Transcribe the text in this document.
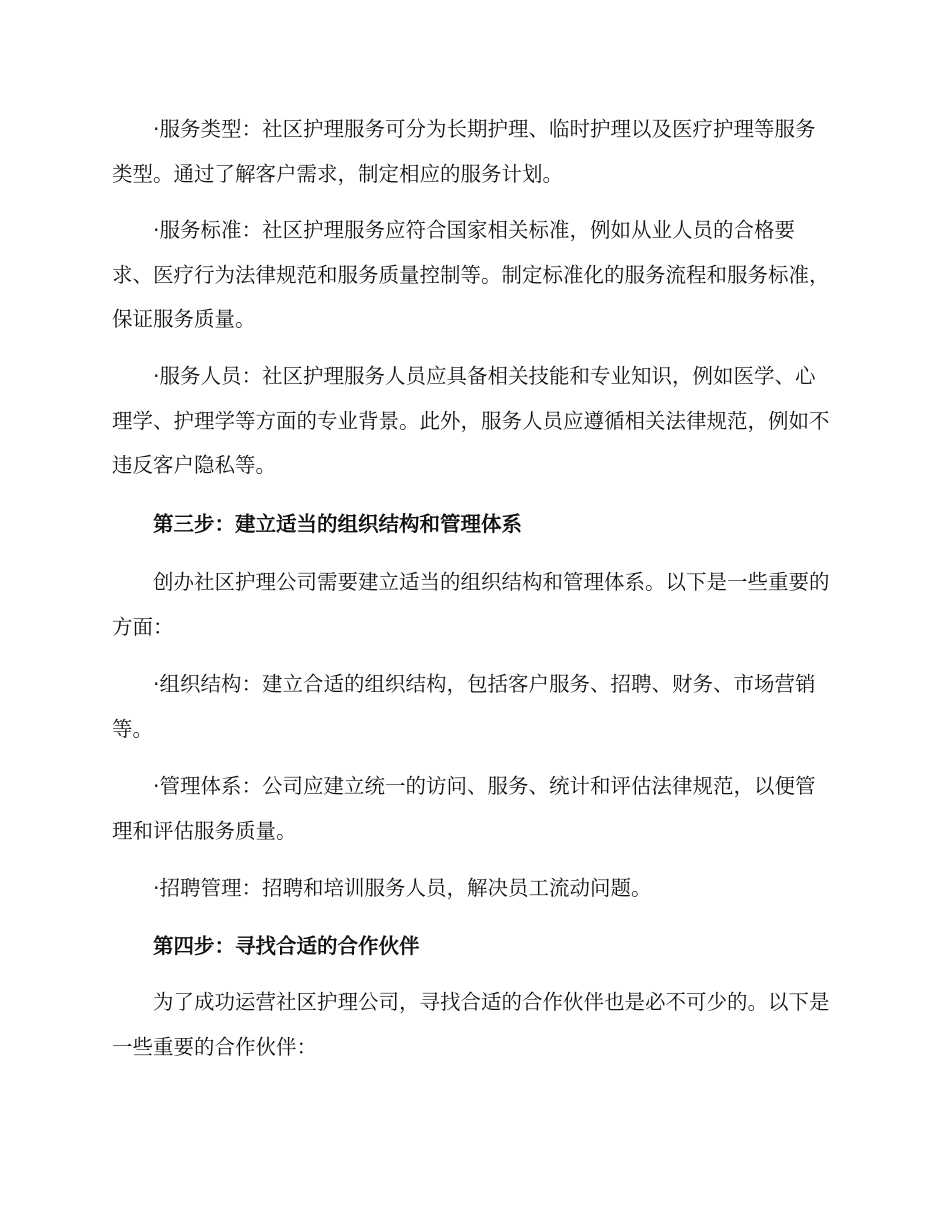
·服务类型：社区护理服务可分为长期护理、临时护理以及医疗护理等服务类型。通过了解客户需求，制定相应的服务计划。

·服务标准：社区护理服务应符合国家相关标准，例如从业人员的合格要求、医疗行为法律规范和服务质量控制等。制定标准化的服务流程和服务标准，保证服务质量。

·服务人员：社区护理服务人员应具备相关技能和专业知识，例如医学、心理学、护理学等方面的专业背景。此外，服务人员应遵循相关法律规范，例如不违反客户隐私等。

第三步：建立适当的组织结构和管理体系

创办社区护理公司需要建立适当的组织结构和管理体系。以下是一些重要的方面：

·组织结构：建立合适的组织结构，包括客户服务、招聘、财务、市场营销等。

·管理体系：公司应建立统一的访问、服务、统计和评估法律规范，以便管理和评估服务质量。

·招聘管理：招聘和培训服务人员，解决员工流动问题。

第四步：寻找合适的合作伙伴

为了成功运营社区护理公司，寻找合适的合作伙伴也是必不可少的。以下是一些重要的合作伙伴：
